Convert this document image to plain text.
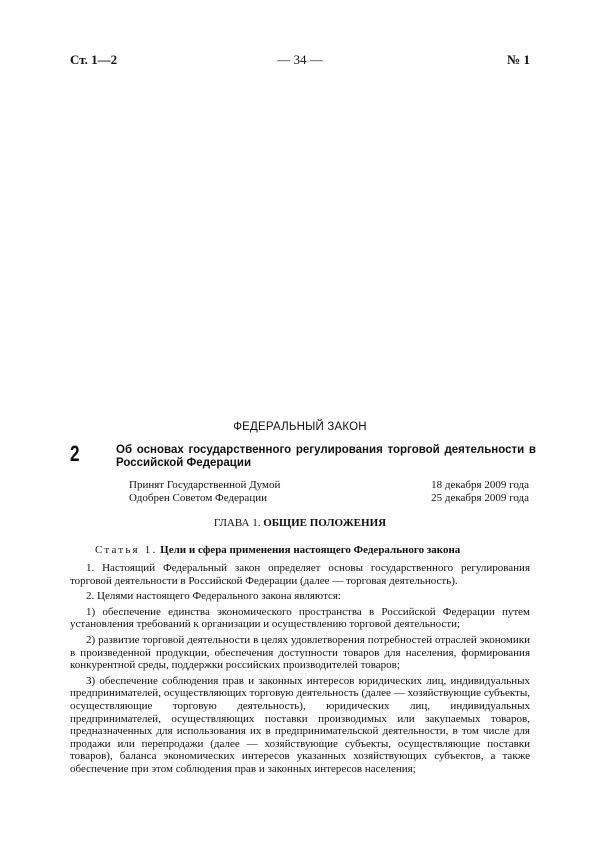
Ст. 1—2	— 34 —	№ 1
ФЕДЕРАЛЬНЫЙ ЗАКОН
2	Об основах государственного регулирования торговой деятельности в Российской Федерации
Принят Государственной Думой	18 декабря 2009 года
Одобрен Советом Федерации	25 декабря 2009 года
ГЛАВА 1. ОБЩИЕ ПОЛОЖЕНИЯ
Статья 1. Цели и сфера применения настоящего Федерального закона

1. Настоящий Федеральный закон определяет основы государственного регулирования торговой деятельности в Российской Федерации (далее — торговая деятельность).

2. Целями настоящего Федерального закона являются:

1) обеспечение единства экономического пространства в Российской Федерации путем установления требований к организации и осуществлению торговой деятельности;

2) развитие торговой деятельности в целях удовлетворения потребностей отраслей экономики в произведенной продукции, обеспечения доступности товаров для населения, формирования конкурентной среды, поддержки российских производителей товаров;

3) обеспечение соблюдения прав и законных интересов юридических лиц, индивидуальных предпринимателей, осуществляющих торговую деятельность (далее — хозяйствующие субъекты, осуществляющие торговую деятельность), юридических лиц, индивидуальных предпринимателей, осуществляющих поставки производимых или закупаемых товаров, предназначенных для использования их в предпринимательской деятельности, в том числе для продажи или перепродажи (далее — хозяйствующие субъекты, осуществляющие поставки товаров), баланса экономических интересов указанных хозяйствующих субъектов, а также обеспечение при этом соблюдения прав и законных интересов населения;
